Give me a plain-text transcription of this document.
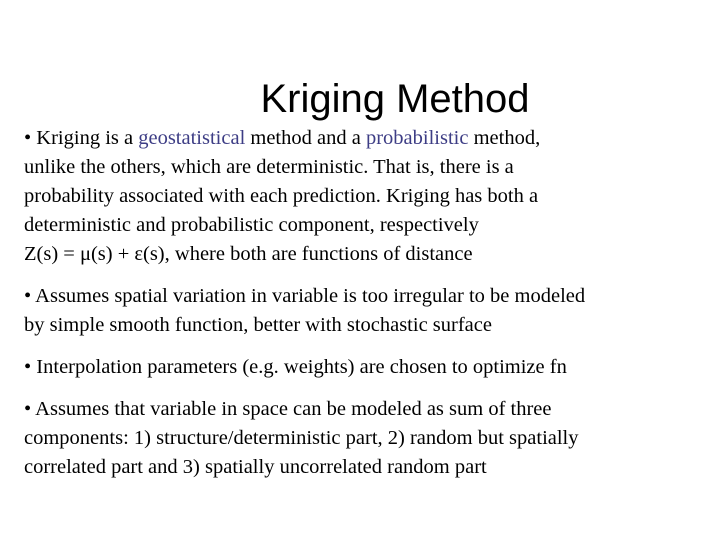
Kriging Method
• Kriging is a geostatistical method and a probabilistic method,
unlike the others, which are deterministic. That is, there is a
probability associated with each prediction. Kriging has both a
deterministic and probabilistic component, respectively
Z(s) = μ(s) + ε(s), where both are functions of distance
• Assumes spatial variation in variable is too irregular to be modeled
by simple smooth function, better with stochastic surface
• Interpolation parameters (e.g. weights) are chosen to optimize fn
• Assumes that variable in space can be modeled as sum of three
components: 1) structure/deterministic part, 2) random but spatially
correlated part and 3) spatially uncorrelated random part
